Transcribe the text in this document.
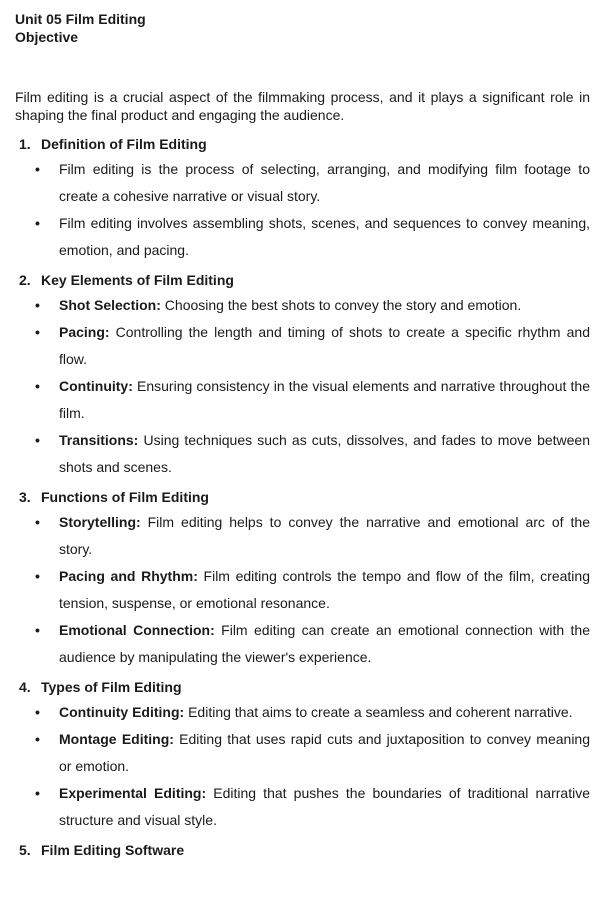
Unit 05 Film Editing
Objective

Film editing is a crucial aspect of the filmmaking process, and it plays a significant role in shaping the final product and engaging the audience.

1. Definition of Film Editing
• Film editing is the process of selecting, arranging, and modifying film footage to create a cohesive narrative or visual story.
• Film editing involves assembling shots, scenes, and sequences to convey meaning, emotion, and pacing.
2. Key Elements of Film Editing
• Shot Selection: Choosing the best shots to convey the story and emotion.
• Pacing: Controlling the length and timing of shots to create a specific rhythm and flow.
• Continuity: Ensuring consistency in the visual elements and narrative throughout the film.
• Transitions: Using techniques such as cuts, dissolves, and fades to move between shots and scenes.
3. Functions of Film Editing
• Storytelling: Film editing helps to convey the narrative and emotional arc of the story.
• Pacing and Rhythm: Film editing controls the tempo and flow of the film, creating tension, suspense, or emotional resonance.
• Emotional Connection: Film editing can create an emotional connection with the audience by manipulating the viewer's experience.
4. Types of Film Editing
• Continuity Editing: Editing that aims to create a seamless and coherent narrative.
• Montage Editing: Editing that uses rapid cuts and juxtaposition to convey meaning or emotion.
• Experimental Editing: Editing that pushes the boundaries of traditional narrative structure and visual style.
5. Film Editing Software
